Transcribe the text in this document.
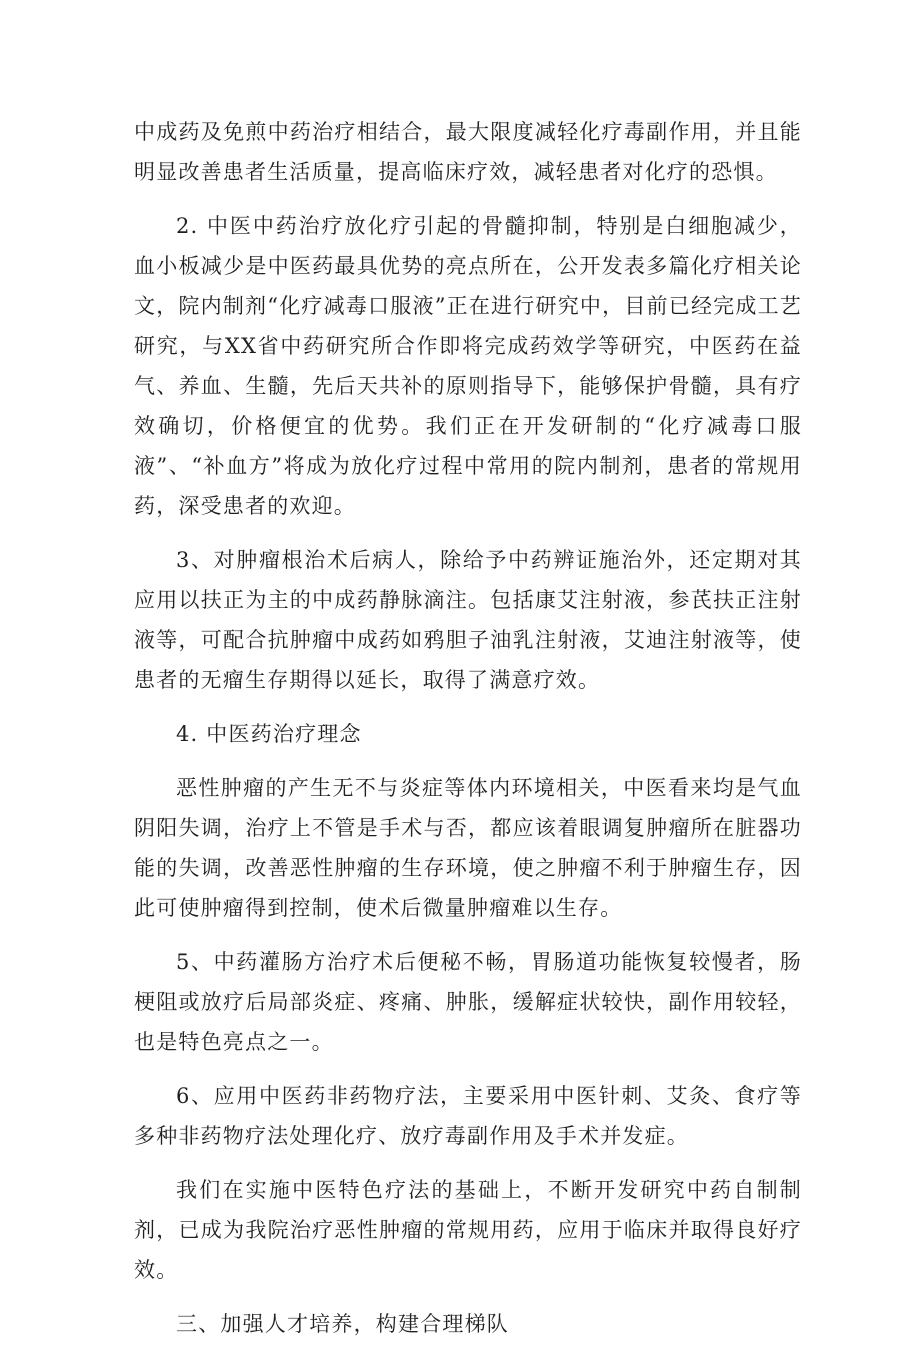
中成药及免煎中药治疗相结合，最大限度减轻化疗毒副作用，并且能明显改善患者生活质量，提高临床疗效，减轻患者对化疗的恐惧。

2. 中医中药治疗放化疗引起的骨髓抑制，特别是白细胞减少，血小板减少是中医药最具优势的亮点所在，公开发表多篇化疗相关论文，院内制剂“化疗减毒口服液”正在进行研究中，目前已经完成工艺研究，与XX省中药研究所合作即将完成药效学等研究，中医药在益气、养血、生髓，先后天共补的原则指导下，能够保护骨髓，具有疗效确切，价格便宜的优势。我们正在开发研制的“化疗减毒口服液”、“补血方”将成为放化疗过程中常用的院内制剂，患者的常规用药，深受患者的欢迎。

3、对肿瘤根治术后病人，除给予中药辨证施治外，还定期对其应用以扶正为主的中成药静脉滴注。包括康艾注射液，参芪扶正注射液等，可配合抗肿瘤中成药如鸦胆子油乳注射液，艾迪注射液等，使患者的无瘤生存期得以延长，取得了满意疗效。

4. 中医药治疗理念

恶性肿瘤的产生无不与炎症等体内环境相关，中医看来均是气血阴阳失调，治疗上不管是手术与否，都应该着眼调复肿瘤所在脏器功能的失调，改善恶性肿瘤的生存环境，使之肿瘤不利于肿瘤生存，因此可使肿瘤得到控制，使术后微量肿瘤难以生存。

5、中药灌肠方治疗术后便秘不畅，胃肠道功能恢复较慢者，肠梗阻或放疗后局部炎症、疼痛、肿胀，缓解症状较快，副作用较轻，也是特色亮点之一。

6、应用中医药非药物疗法，主要采用中医针刺、艾灸、食疗等多种非药物疗法处理化疗、放疗毒副作用及手术并发症。

我们在实施中医特色疗法的基础上，不断开发研究中药自制制剂，已成为我院治疗恶性肿瘤的常规用药，应用于临床并取得良好疗效。

三、加强人才培养，构建合理梯队
